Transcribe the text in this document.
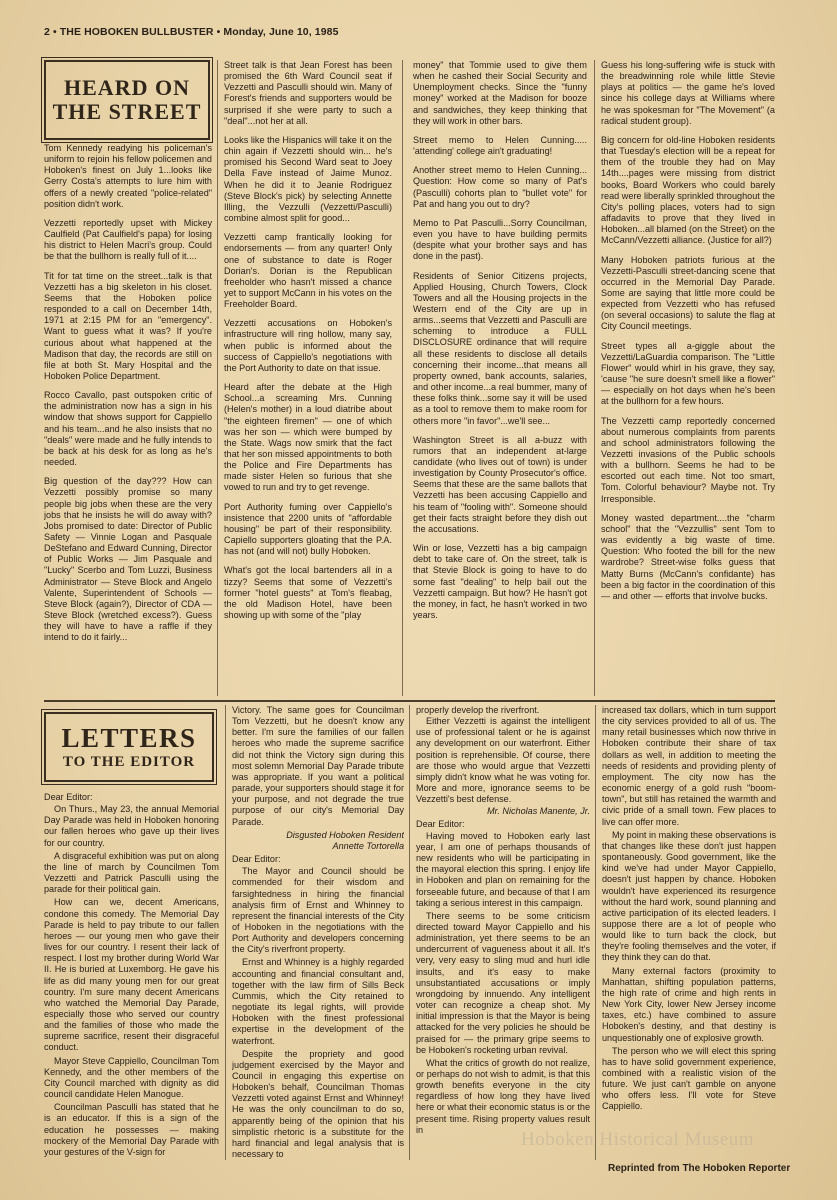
2 • THE HOBOKEN BULLBUSTER • Monday, June 10, 1985
HEARD ON
THE STREET

Tom Kennedy readying his policeman's uniform to rejoin his fellow policemen and Hoboken's finest on July 1...looks like Gerry Costa's attempts to lure him with offers of a newly created "police-related" position didn't work.

Vezzetti reportedly upset with Mickey Caulfield (Pat Caulfield's papa) for losing his district to Helen Macri's group. Could be that the bullhorn is really full of it....

Tit for tat time on the street...talk is that Vezzetti has a big skeleton in his closet. Seems that the Hoboken police responded to a call on December 14th, 1971 at 2:15 PM for an "emergency". Want to guess what it was? If you're curious about what happened at the Madison that day, the records are still on file at both St. Mary Hospital and the Hoboken Police Department.

Rocco Cavallo, past outspoken critic of the administration now has a sign in his window that shows support for Cappiello and his team...and he also insists that no "deals" were made and he fully intends to be back at his desk for as long as he's needed.

Big question of the day??? How can Vezzetti possibly promise so many people big jobs when these are the very jobs that he insists he will do away with? Jobs promised to date: Director of Public Safety — Vinnie Logan and Pasquale DeStefano and Edward Cunning, Director of Public Works — Jim Pasquale and "Lucky" Scerbo and Tom Luzzi, Business Administrator — Steve Block and Angelo Valente, Superintendent of Schools — Steve Block (again?), Director of CDA — Steve Block (wretched excess?). Guess they will have to have a raffle if they intend to do it fairly...

Street talk is that Jean Forest has been promised the 6th Ward Council seat if Vezzetti and Pasculli should win. Many of Forest's friends and supporters would be surprised if she were party to such a "deal"...not her at all.

Looks like the Hispanics will take it on the chin again if Vezzetti should win... he's promised his Second Ward seat to Joey Della Fave instead of Jaime Munoz. When he did it to Jeanie Rodriguez (Steve Block's pick) by selecting Annette Illing, the Vezzulli (Vezzetti/Pasculli) combine almost split for good...

Vezzetti camp frantically looking for endorsements — from any quarter! Only one of substance to date is Roger Dorian's. Dorian is the Republican freeholder who hasn't missed a chance yet to support McCann in his votes on the Freeholder Board.

Vezzetti accusations on Hoboken's infrastructure will ring hollow, many say, when public is informed about the success of Cappiello's negotiations with the Port Authority to date on that issue.

Heard after the debate at the High School...a screaming Mrs. Cunning (Helen's mother) in a loud diatribe about "the eighteen firemen" — one of which was her son — which were bumped by the State. Wags now smirk that the fact that her son missed appointments to both the Police and Fire Departments has made sister Helen so furious that she vowed to run and try to get revenge.

Port Authority fuming over Cappiello's insistence that 2200 units of "affordable housing" be part of their responsibility. Capiello supporters gloating that the P.A. has not (and will not) bully Hoboken.

What's got the local bartenders all in a tizzy? Seems that some of Vezzetti's former "hotel guests" at Tom's fleabag, the old Madison Hotel, have been showing up with some of the "play

money" that Tommie used to give them when he cashed their Social Security and Unemployment checks. Since the "funny money" worked at the Madison for booze and sandwiches, they keep thinking that they will work in other bars.

Street memo to Helen Cunning..... 'attending' college ain't graduating!

Another street memo to Helen Cunning... Question: How come so many of Pat's (Pasculli) cohorts plan to "bullet vote" for Pat and hang you out to dry?

Memo to Pat Pasculli...Sorry Councilman, even you have to have building permits (despite what your brother says and has done in the past).

Residents of Senior Citizens projects, Applied Housing, Church Towers, Clock Towers and all the Housing projects in the Western end of the City are up in arms...seems that Vezzetti and Pasculli are scheming to introduce a FULL DISCLOSURE ordinance that will require all these residents to disclose all details concerning their income...that means all property owned, bank accounts, salaries, and other income...a real bummer, many of these folks think...some say it will be used as a tool to remove them to make room for others more "in favor"...we'll see...

Washington Street is all a-buzz with rumors that an independent at-large candidate (who lives out of town) is under investigation by County Prosecutor's office. Seems that these are the same ballots that Vezzetti has been accusing Cappiello and his team of "fooling with". Someone should get their facts straight before they dish out the accusations.

Win or lose, Vezzetti has a big campaign debt to take care of. On the street, talk is that Stevie Block is going to have to do some fast "dealing" to help bail out the Vezzetti campaign. But how? He hasn't got the money, in fact, he hasn't worked in two years.

Guess his long-suffering wife is stuck with the breadwinning role while little Stevie plays at politics — the game he's loved since his college days at Williams where he was spokesman for "The Movement" (a radical student group).

Big concern for old-line Hoboken residents that Tuesday's election will be a repeat for them of the trouble they had on May 14th....pages were missing from district books, Board Workers who could barely read were liberally sprinkled throughout the City's polling places, voters had to sign affadavits to prove that they lived in Hoboken...all blamed (on the Street) on the McCann/Vezzetti alliance. (Justice for all?)

Many Hoboken patriots furious at the Vezzetti-Pasculli street-dancing scene that occurred in the Memorial Day Parade. Some are saying that little more could be expected from Vezzetti who has refused (on several occasions) to salute the flag at City Council meetings.

Street types all a-giggle about the Vezzetti/LaGuardia comparison. The "Little Flower" would whirl in his grave, they say, 'cause "he sure doesn't smell like a flower" — especially on hot days when he's been at the bullhorn for a few hours.

The Vezzetti camp reportedly concerned about numerous complaints from parents and school administrators following the Vezzetti invasions of the Public schools with a bullhorn. Seems he had to be escorted out each time. Not too smart, Tom. Colorful behaviour? Maybe not. Try Irresponsible.

Money wasted department....the "charm school" that the "Vezzullis" sent Tom to was evidently a big waste of time. Question: Who footed the bill for the new wardrobe? Street-wise folks guess that Matty Burns (McCann's confidante) has been a big factor in the coordination of this — and other — efforts that involve bucks.

LETTERS
TO THE EDITOR

Dear Editor:

On Thurs., May 23, the annual Memorial Day Parade was held in Hoboken honoring our fallen heroes who gave up their lives for our country.

A disgraceful exhibition was put on along the line of march by Councilmen Tom Vezzetti and Patrick Pasculli using the parade for their political gain.

How can we, decent Americans, condone this comedy. The Memorial Day Parade is held to pay tribute to our fallen heroes — our young men who gave their lives for our country. I resent their lack of respect. I lost my brother during World War II. He is buried at Luxemborg. He gave his life as did many young men for our great country. I'm sure many decent Americans who watched the Memorial Day Parade, especially those who served our country and the families of those who made the supreme sacrifice, resent their disgraceful conduct.

Mayor Steve Cappiello, Councilman Tom Kennedy, and the other members of the City Council marched with dignity as did council candidate Helen Manogue.

Councilman Pasculli has stated that he is an educator. If this is a sign of the education he possesses — making mockery of the Memorial Day Parade with your gestures of the V-sign for

Victory. The same goes for Councilman Tom Vezzetti, but he doesn't know any better. I'm sure the families of our fallen heroes who made the supreme sacrifice did not think the Victory sign during this most solemn Memorial Day Parade tribute was appropriate. If you want a political parade, your supporters should stage it for your purpose, and not degrade the true purpose of our city's Memorial Day Parade.

Disgusted Hoboken Resident

Annette Tortorella

Dear Editor:

The Mayor and Council should be commended for their wisdom and farsightedness in hiring the financial analysis firm of Ernst and Whinney to represent the financial interests of the City of Hoboken in the negotiations with the Port Authority and developers concerning the City's riverfront property.

Ernst and Whinney is a highly regarded accounting and financial consultant and, together with the law firm of Sills Beck Cummis, which the City retained to negotiate its legal rights, will provide Hoboken with the finest professional expertise in the development of the waterfront.

Despite the propriety and good judgement exercised by the Mayor and Council in engaging this expertise on Hoboken's behalf, Councilman Thomas Vezzetti voted against Ernst and Whinney! He was the only councilman to do so, apparently being of the opinion that his simplistic rhetoric is a substitute for the hard financial and legal analysis that is necessary to

properly develop the riverfront.

Either Vezzetti is against the intelligent use of professional talent or he is against any development on our waterfront. Either position is reprehensible. Of course, there are those who would argue that Vezzetti simply didn't know what he was voting for. More and more, ignorance seems to be Vezzetti's best defense.

Mr. Nicholas Manente, Jr.

Dear Editor:

Having moved to Hoboken early last year, I am one of perhaps thousands of new residents who will be participating in the mayoral election this spring. I enjoy life in Hoboken and plan on remaining for the forseeable future, and because of that I am taking a serious interest in this campaign.

There seems to be some criticism directed toward Mayor Cappiello and his administration, yet there seems to be an undercurrent of vagueness about it all. It's very, very easy to sling mud and hurl idle insults, and it's easy to make unsubstantiated accusations or imply wrongdoing by innuendo. Any intelligent voter can recognize a cheap shot. My initial impression is that the Mayor is being attacked for the very policies he should be praised for — the primary gripe seems to be Hoboken's rocketing urban revival.

What the critics of growth do not realize, or perhaps do not wish to admit, is that this growth benefits everyone in the city regardless of how long they have lived here or what their economic status is or the present time. Rising property values result in

increased tax dollars, which in turn support the city services provided to all of us. The many retail businesses which now thrive in Hoboken contribute their share of tax dollars as well, in addition to meeting the needs of residents and providing plenty of employment. The city now has the economic energy of a gold rush "boom-town", but still has retained the warmth and civic pride of a small town. Few places to live can offer more.

My point in making these observations is that changes like these don't just happen spontaneously. Good government, like the kind we've had under Mayor Cappiello, doesn't just happen by chance. Hoboken wouldn't have experienced its resurgence without the hard work, sound planning and active participation of its elected leaders. I suppose there are a lot of people who would like to turn back the clock, but they're fooling themselves and the voter, if they think they can do that.

Many external factors (proximity to Manhattan, shifting population patterns, the high rate of crime and high rents in New York City, lower New Jersey income taxes, etc.) have combined to assure Hoboken's destiny, and that destiny is unquestionably one of explosive growth.

The person who we will elect this spring has to have solid government experience, combined with a realistic vision of the future. We just can't gamble on anyone who offers less. I'll vote for Steve Cappiello.

Hoboken Historical Museum
Reprinted from The Hoboken Reporter
